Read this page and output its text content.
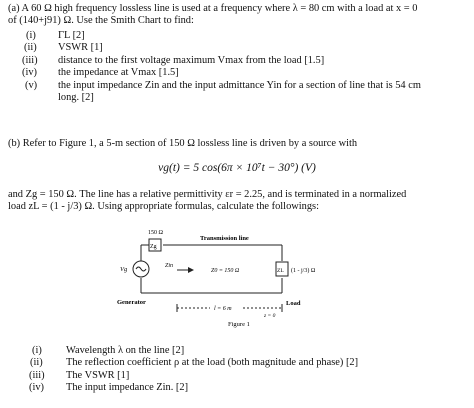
(a) A 60 Ω high frequency lossless line is used at a frequency where λ = 80 cm with a load at x = 0
of (140+j91) Ω. Use the Smith Chart to find:
(i) ΓL [2]
(ii) VSWR [1]
(iii) distance to the first voltage maximum Vmax from the load [1.5]
(iv) the impedance at Vmax [1.5]
(v) the input impedance Zin and the input admittance Yin for a section of line that is 54 cm
long. [2]
(b) Refer to Figure 1, a 5-m section of 150 Ω lossless line is driven by a source with
vg(t) = 5 cos(6π × 10⁷t − 30°) (V)
and Zg = 150 Ω. The line has a relative permittivity εr = 2.25, and is terminated in a normalized
load zL = (1 - j/3) Ω. Using appropriate formulas, calculate the followings:
150 Ω
Zg
Vg	Zin
Transmission line
Z0 = 150 Ω	ZL (1 - j/3) Ω
Generator
l = 6 m
Load
z = 0
Figure 1
(i) Wavelength λ on the line [2]
(ii) The reflection coefficient ρ at the load (both magnitude and phase) [2]
(iii) The VSWR [1]
(iv) The input impedance Zin. [2]
